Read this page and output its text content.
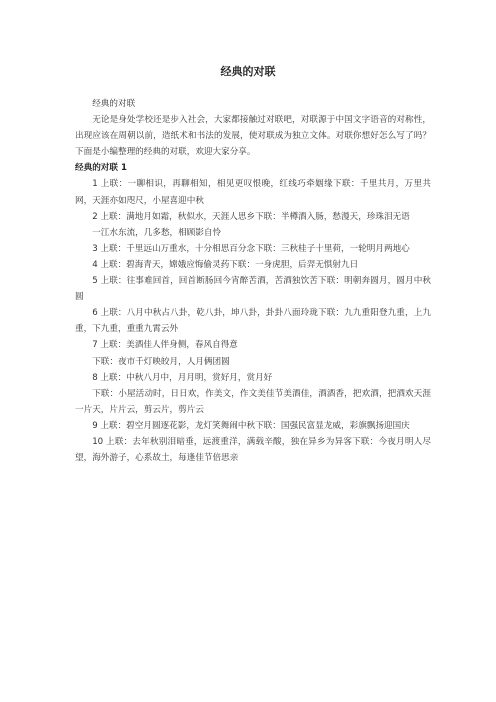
经典的对联

经典的对联

无论是身处学校还是步入社会，大家都接触过对联吧，对联源于中国文字语音的对称性，出现应该在周朝以前，造纸术和书法的发展，使对联成为独立文体。对联你想好怎么写了吗？下面是小编整理的经典的对联，欢迎大家分享。

经典的对联 1

1 上联：一聊相识，再聊相知，相见更叹恨晚，红线巧牵姻缘下联：千里共月，万里共网，天涯亦如咫尺，小屋喜迎中秋

2 上联：满地月如霜，秋似水，天涯人思乡下联：半樽酒入肠，愁漫天，珍珠泪无语

一江水东流，几多愁，相顾影自怜

3 上联：千里远山万重水，十分相思百分念下联：三秋桂子十里荷，一轮明月两地心

4 上联：碧海青天，嫦娥应悔偷灵药下联：一身虎胆，后羿无惧射九日

5 上联：往事难回首，回首断肠回今宵醉苦酒，苦酒独饮苦下联：明朝奔圆月，圆月中秋圆

6 上联：八月中秋占八卦，乾八卦，坤八卦，卦卦八面玲珑下联：九九重阳登九重，上九重，下九重，重重九霄云外

7 上联：美酒佳人伴身侧，春风自得意

下联：夜市千灯映皎月，人月俩团圆

8 上联：中秋八月中，月月明，赏好月，赏月好

下联：小屋活动时，日日欢，作美文，作文美佳节美酒佳，酒酒香，把欢酒，把酒欢天涯一片天，片片云，剪云片，剪片云

9 上联：碧空月圆逐花影，龙灯笑舞闹中秋下联：国强民富显龙威，彩旗飘扬迎国庆

10 上联：去年秋别泪暗垂，远渡重洋，满载辛酸，独在异乡为异客下联：今夜月明人尽望，海外游子，心系故土，每逢佳节倍思亲
